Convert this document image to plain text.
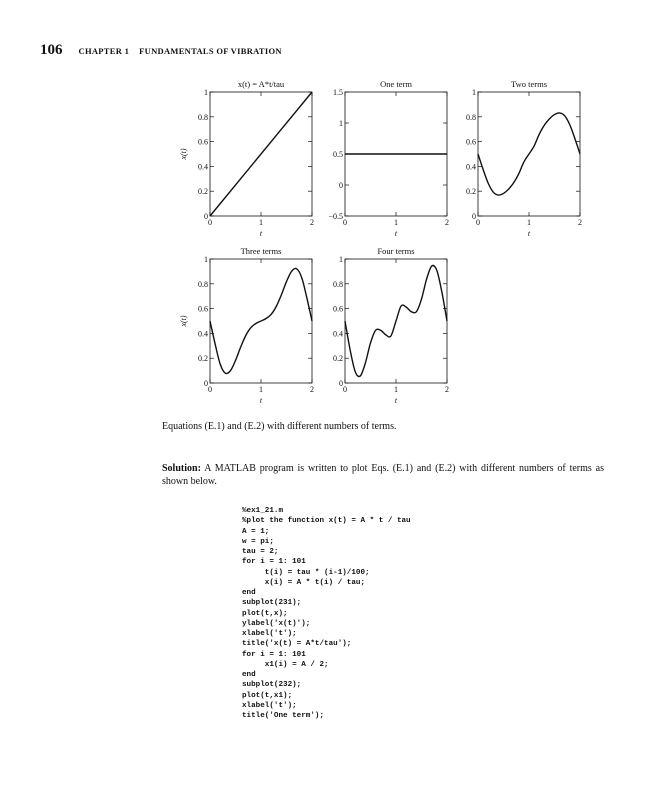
106 CHAPTER 1 FUNDAMENTALS OF VIBRATION
0	1	2
0
0.2
0.4
0.6
0.8
1
x(t) = A*t/tau
t
x(t)
0	1	2
−0.5
0
0.5
1
1.5
One term
t
0	1	2
0
0.2
0.4
0.6
0.8
1
Two terms
t
0	1	2
0
0.2
0.4
0.6
0.8
1
Three terms
t
x(t)
0	1	2
0
0.2
0.4
0.6
0.8
1
Four terms
t
Equations (E.1) and (E.2) with different numbers of terms.
Solution: A MATLAB program is written to plot Eqs. (E.1) and (E.2) with different numbers of terms as shown below.
%ex1_21.m
%plot the function x(t) = A * t / tau
A = 1;
w = pi;
tau = 2;
for i = 1: 101
t(i) = tau * (i-1)/100;
x(i) = A * t(i) / tau;
end
subplot(231);
plot(t,x);
ylabel('x(t)');
xlabel('t');
title('x(t) = A*t/tau');
for i = 1: 101
x1(i) = A / 2;
end
subplot(232);
plot(t,x1);
xlabel('t');
title('One term');
